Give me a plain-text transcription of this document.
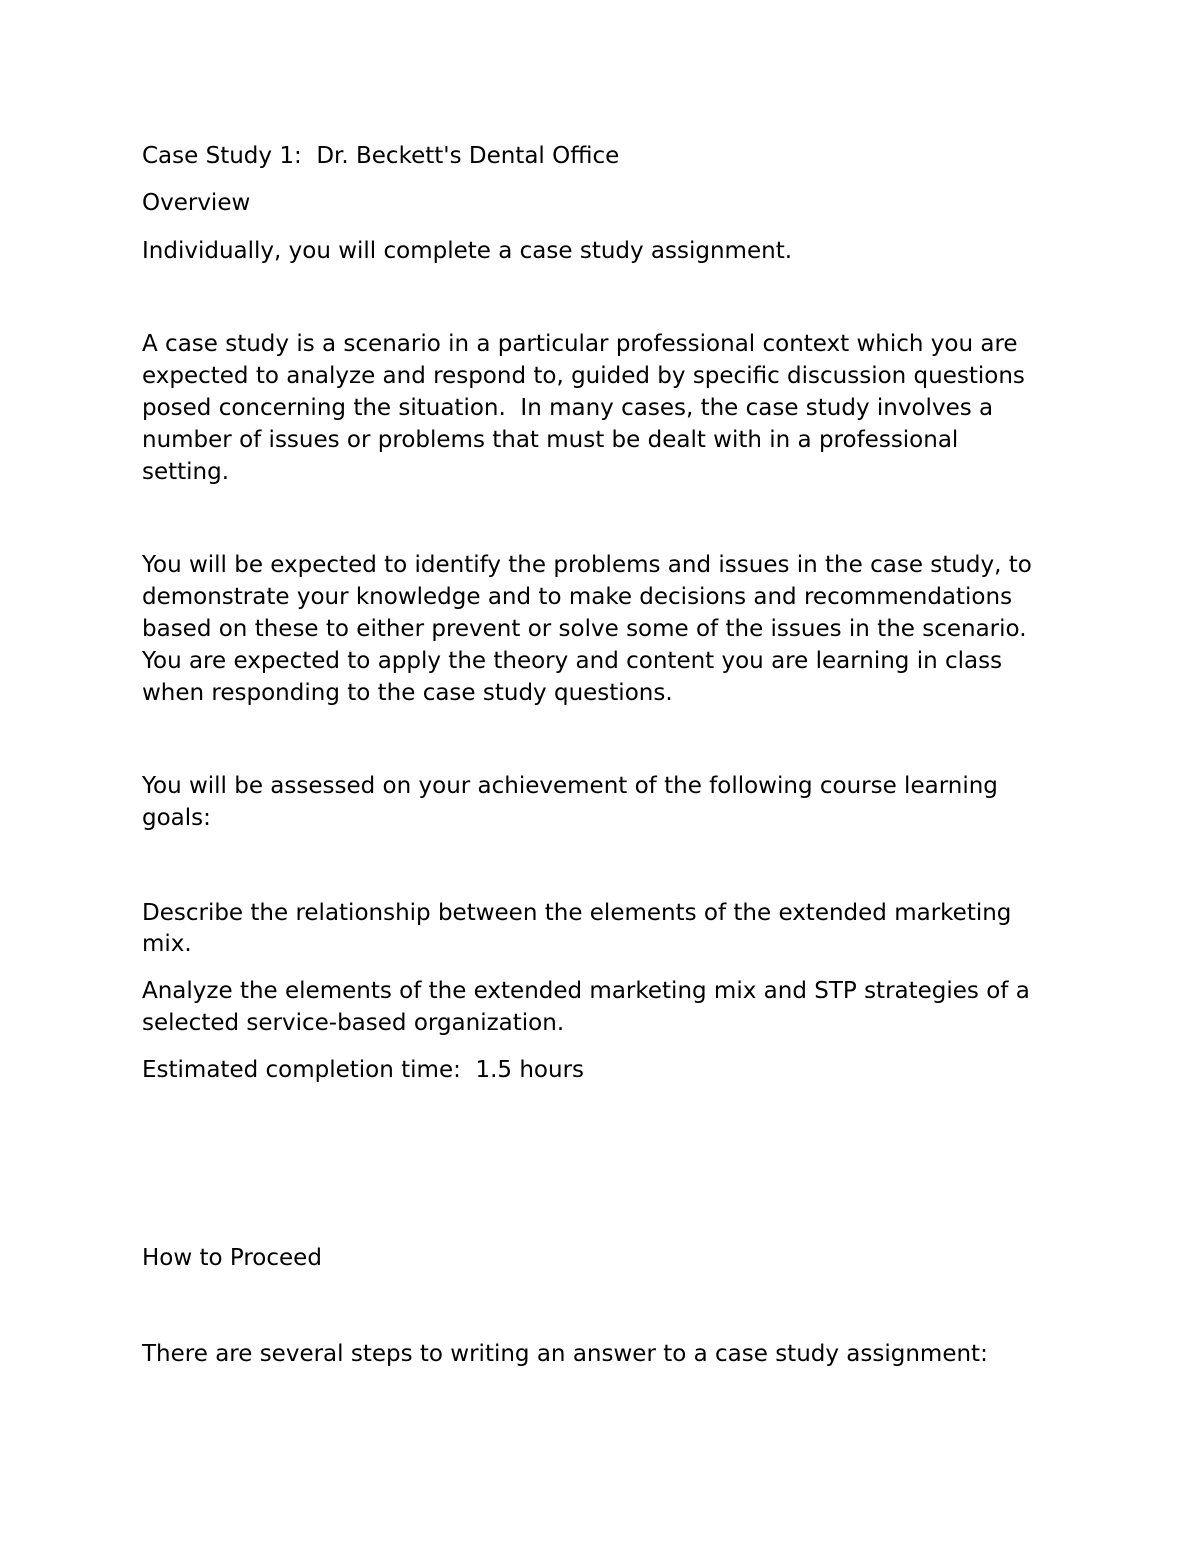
Case Study 1:  Dr. Beckett's Dental Office

Overview

Individually, you will complete a case study assignment.

A case study is a scenario in a particular professional context which you are

expected to analyze and respond to, guided by specific discussion questions

posed concerning the situation.  In many cases, the case study involves a

number of issues or problems that must be dealt with in a professional

setting.

You will be expected to identify the problems and issues in the case study, to

demonstrate your knowledge and to make decisions and recommendations

based on these to either prevent or solve some of the issues in the scenario.

You are expected to apply the theory and content you are learning in class

when responding to the case study questions.

You will be assessed on your achievement of the following course learning

goals:

Describe the relationship between the elements of the extended marketing

mix.

Analyze the elements of the extended marketing mix and STP strategies of a

selected service-based organization.

Estimated completion time:  1.5 hours

How to Proceed

There are several steps to writing an answer to a case study assignment:
